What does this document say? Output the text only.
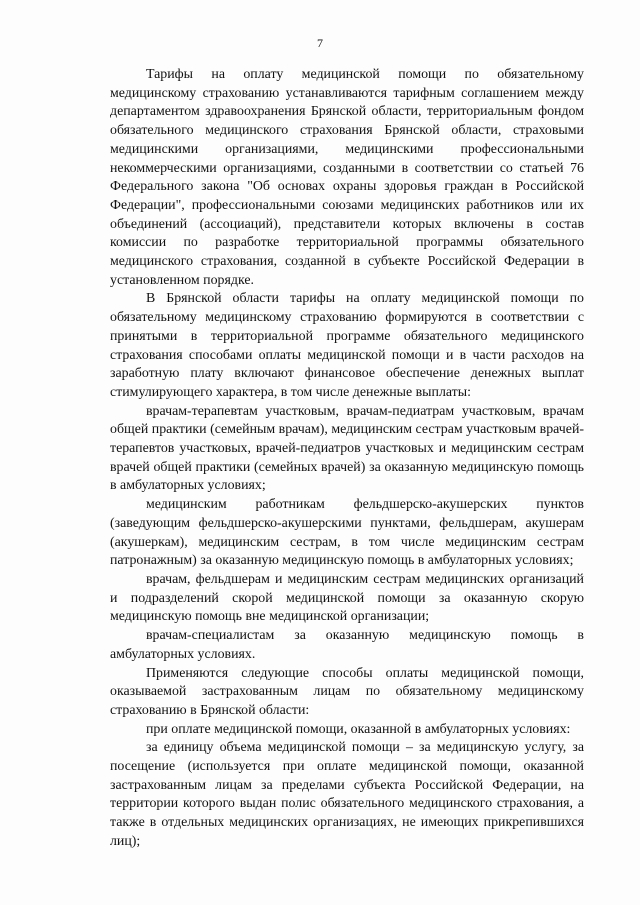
7

Тарифы на оплату медицинской помощи по обязательному медицинскому страхованию устанавливаются тарифным соглашением между департаментом здравоохранения Брянской области, территориальным фондом обязательного медицинского страхования Брянской области, страховыми медицинскими организациями, медицинскими профессиональными некоммерческими организациями, созданными в соответствии со статьей 76 Федерального закона "Об основах охраны здоровья граждан в Российской Федерации", профессиональными союзами медицинских работников или их объединений (ассоциаций), представители которых включены в состав комиссии по разработке территориальной программы обязательного медицинского страхования, созданной в субъекте Российской Федерации в установленном порядке.

В Брянской области тарифы на оплату медицинской помощи по обязательному медицинскому страхованию формируются в соответствии с принятыми в территориальной программе обязательного медицинского страхования способами оплаты медицинской помощи и в части расходов на заработную плату включают финансовое обеспечение денежных выплат стимулирующего характера, в том числе денежные выплаты:

врачам-терапевтам участковым, врачам-педиатрам участковым, врачам общей практики (семейным врачам), медицинским сестрам участковым врачей-терапевтов участковых, врачей-педиатров участковых и медицинским сестрам врачей общей практики (семейных врачей) за оказанную медицинскую помощь в амбулаторных условиях;

медицинским работникам фельдшерско-акушерских пунктов (заведующим фельдшерско-акушерскими пунктами, фельдшерам, акушерам (акушеркам), медицинским сестрам, в том числе медицинским сестрам патронажным) за оказанную медицинскую помощь в амбулаторных условиях;

врачам, фельдшерам и медицинским сестрам медицинских организаций и подразделений скорой медицинской помощи за оказанную скорую медицинскую помощь вне медицинской организации;

врачам-специалистам за оказанную медицинскую помощь в амбулаторных условиях.

Применяются следующие способы оплаты медицинской помощи, оказываемой застрахованным лицам по обязательному медицинскому страхованию в Брянской области:

при оплате медицинской помощи, оказанной в амбулаторных условиях:

за единицу объема медицинской помощи – за медицинскую услугу, за посещение (используется при оплате медицинской помощи, оказанной застрахованным лицам за пределами субъекта Российской Федерации, на территории которого выдан полис обязательного медицинского страхования, а также в отдельных медицинских организациях, не имеющих прикрепившихся лиц);
